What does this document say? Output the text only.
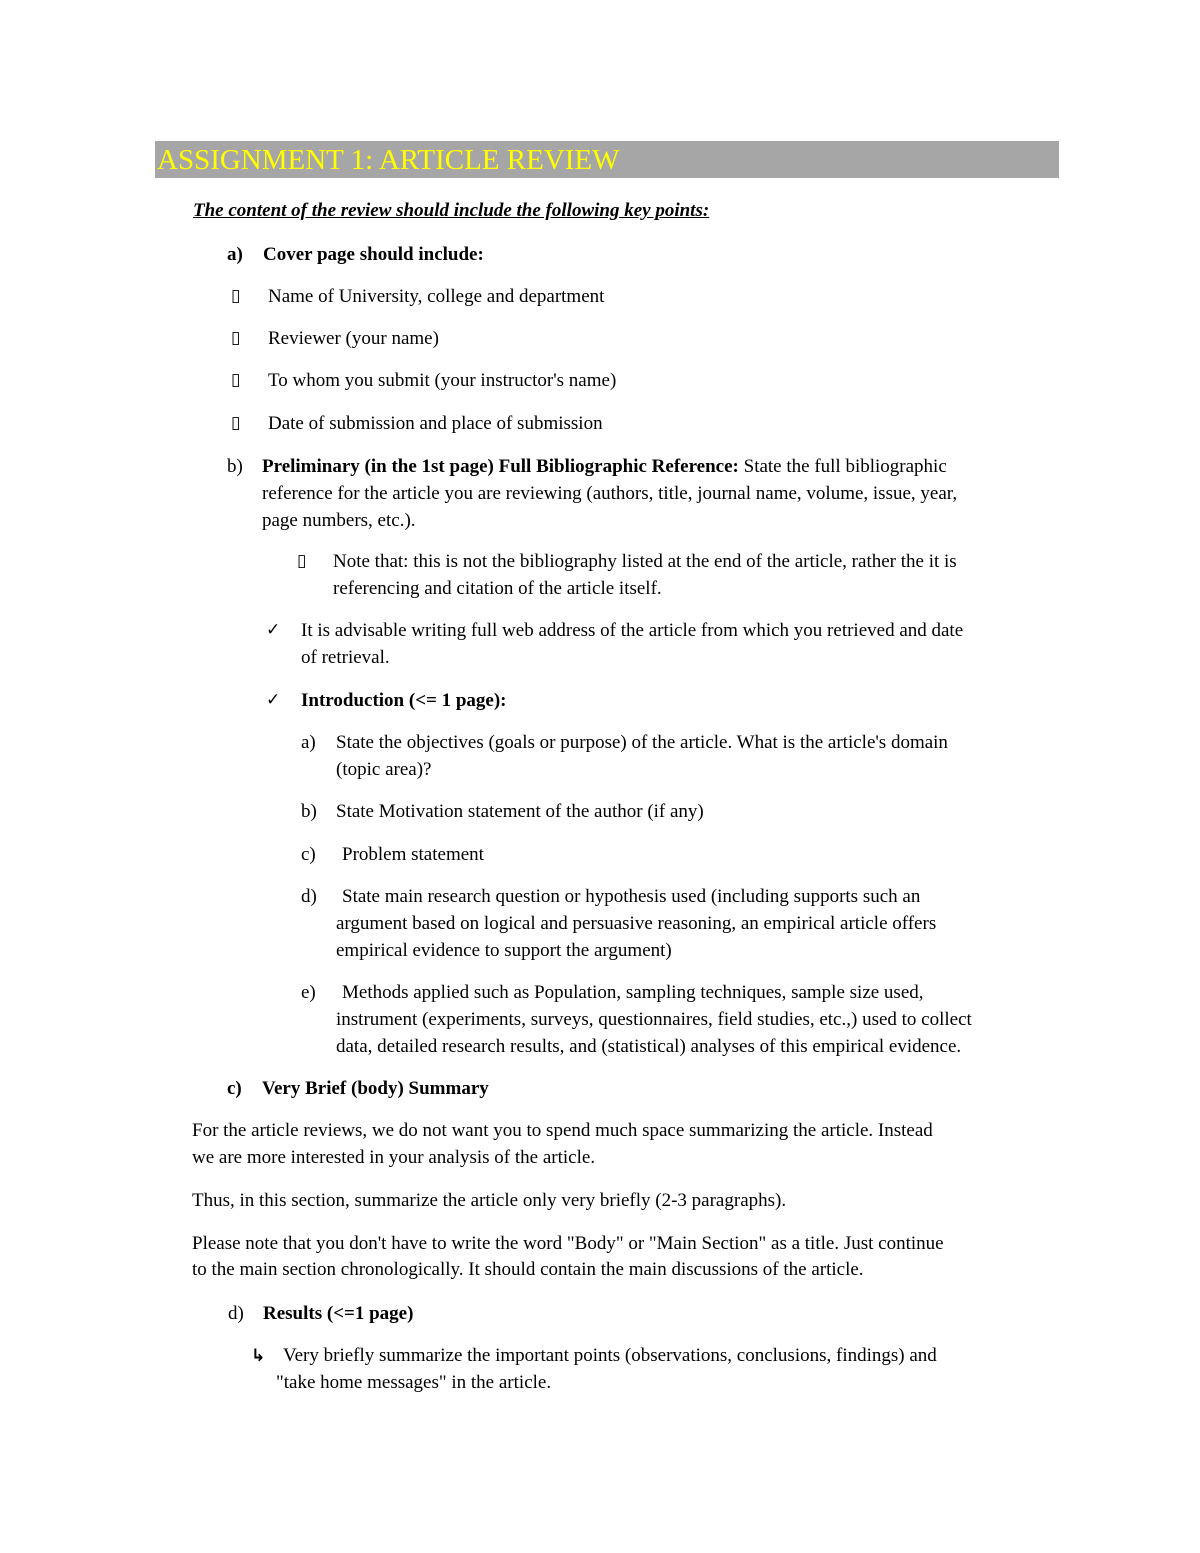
ASSIGNMENT 1: ARTICLE REVIEW
The content of the review should include the following key points:
a) Cover page should include:
▯ Name of University, college and department
▯ Reviewer (your name)
▯ To whom you submit (your instructor's name)
▯ Date of submission and place of submission
b) Preliminary (in the 1st page) Full Bibliographic Reference: State the full bibliographic
reference for the article you are reviewing (authors, title, journal name, volume, issue, year,
page numbers, etc.).
▯ Note that: this is not the bibliography listed at the end of the article, rather the it is
referencing and citation of the article itself.
✓ It is advisable writing full web address of the article from which you retrieved and date
of retrieval.
✓ Introduction (<= 1 page):
a) State the objectives (goals or purpose) of the article. What is the article's domain
(topic area)?
b) State Motivation statement of the author (if any)
c) Problem statement
d) State main research question or hypothesis used (including supports such an
argument based on logical and persuasive reasoning, an empirical article offers
empirical evidence to support the argument)
e) Methods applied such as Population, sampling techniques, sample size used,
instrument (experiments, surveys, questionnaires, field studies, etc.,) used to collect
data, detailed research results, and (statistical) analyses of this empirical evidence.
c) Very Brief (body) Summary
For the article reviews, we do not want you to spend much space summarizing the article. Instead
we are more interested in your analysis of the article.
Thus, in this section, summarize the article only very briefly (2-3 paragraphs).
Please note that you don't have to write the word "Body" or "Main Section" as a title. Just continue
to the main section chronologically. It should contain the main discussions of the article.
d) Results (<=1 page)
↳ Very briefly summarize the important points (observations, conclusions, findings) and
"take home messages" in the article.
